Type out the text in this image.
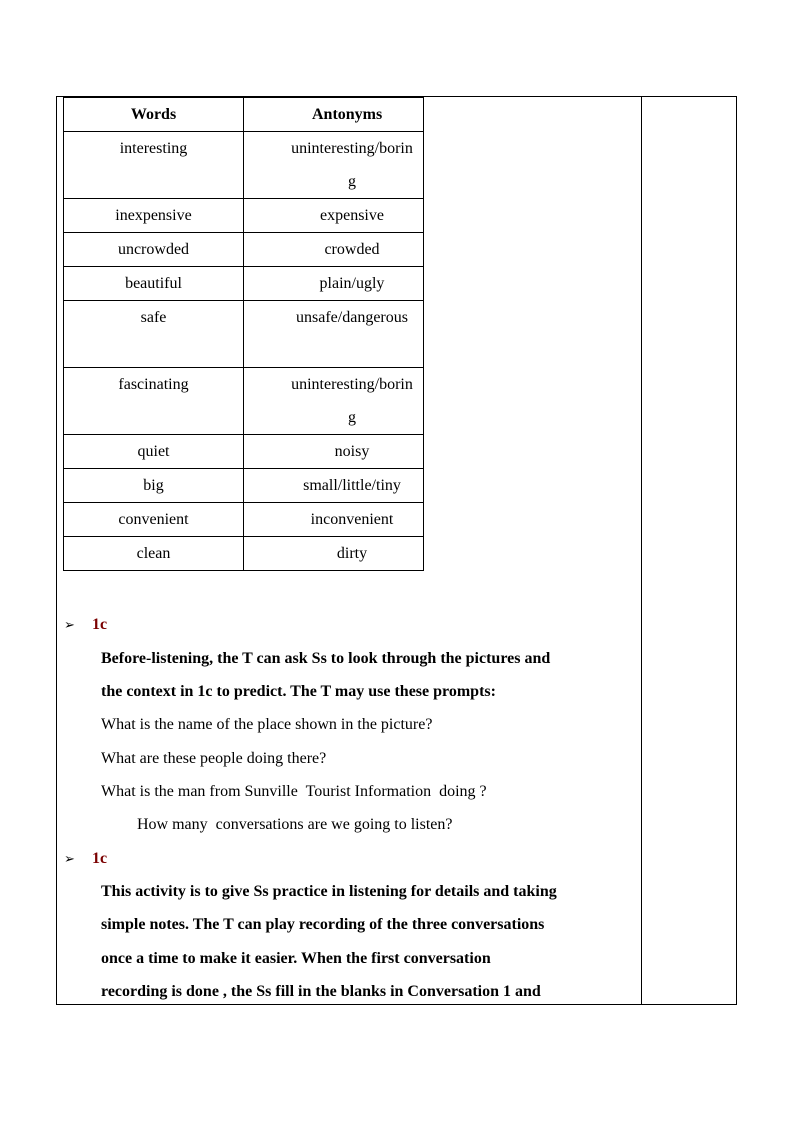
Words	Antonyms

interesting	uninteresting/boring

inexpensive	expensive

uncrowded	crowded

beautiful	plain/ugly

safe	unsafe/dangerous

fascinating	uninteresting/boring

quiet	noisy

big	small/little/tiny

convenient	inconvenient

clean	dirty
➢ 1c
Before-listening, the T can ask Ss to look through the pictures and
the context in 1c to predict. The T may use these prompts:
What is the name of the place shown in the picture?
What are these people doing there?
What is the man from Sunville  Tourist Information  doing ?
How many  conversations are we going to listen?
➢ 1c
This activity is to give Ss practice in listening for details and taking
simple notes. The T can play recording of the three conversations
once a time to make it easier. When the first conversation
recording is done , the Ss fill in the blanks in Conversation 1 and
